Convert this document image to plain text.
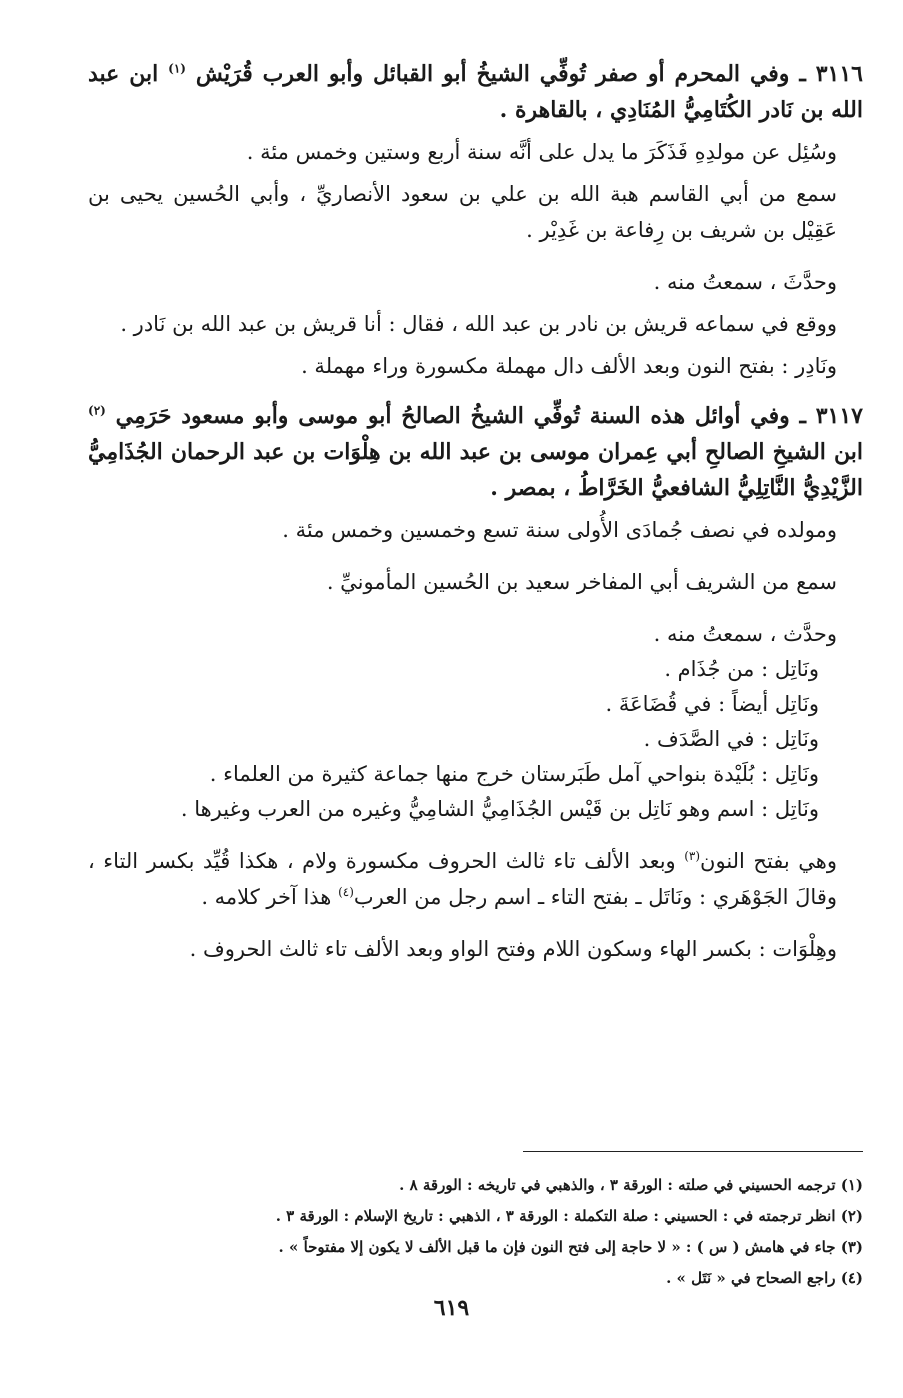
٣١١٦ ـ وفي المحرم أو صفر تُوفِّي الشيخُ أبو القبائل وأبو العرب قُرَيْش $^{(١)}$ ابن عبد الله بن نَادر الكُتَامِيُّ المُنَادِي ، بالقاهرة .
وسُئِل عن مولدِهِ فَذَكَرَ ما يدل على أنَّه سنة أربع وستين وخمس مئة .
سمع من أبي القاسم هبة الله بن علي بن سعود الأنصاريِّ ، وأبي الحُسين يحيى بن عَقِيْل بن شريف بن رِفاعة بن غَدِيْر .
وحدَّثَ ، سمعتُ منه .
ووقع في سماعه قريش بن نادر بن عبد الله ، فقال : أنا قريش بن عبد الله بن نَادر .
ونَادِر : بفتح النون وبعد الألف دال مهملة مكسورة وراء مهملة .
٣١١٧ ـ وفي أوائل هذه السنة تُوفِّي الشيخُ الصالحُ أبو موسى وأبو مسعود حَرَمِي $^{(٢)}$ ابن الشيخِ الصالحِ أبي عِمران موسى بن عبد الله بن هِلْوَات بن عبد الرحمان الجُذَامِيُّ الزَّيْدِيُّ النَّاتِلِيُّ الشافعيُّ الخَرَّاطُ ، بمصر .
ومولده في نصف جُمادَى الأُولى سنة تسع وخمسين وخمس مئة .
سمع من الشريف أبي المفاخر سعيد بن الحُسين المأمونيِّ .
وحدَّث ، سمعتُ منه .
ونَاتِل : من جُذَام .
ونَاتِل أيضاً : في قُضَاعَةَ .
ونَاتِل : في الصَّدَف .
ونَاتِل : بُلَيْدة بنواحي آمل طَبَرستان خرج منها جماعة كثيرة من العلماء .
ونَاتِل : اسم وهو نَاتِل بن قَيْس الجُذَامِيُّ الشامِيُّ وغيره من العرب وغيرها .
وهي بفتح النون$^{(٣)}$ وبعد الألف تاء ثالث الحروف مكسورة ولام ، هكذا قُيِّد بكسر التاء ، وقالَ الجَوْهَري : ونَاتَل ـ بفتح التاء ـ اسم رجل من العرب$^{(٤)}$ هذا آخر كلامه .
وهِلْوَات : بكسر الهاء وسكون اللام وفتح الواو وبعد الألف تاء ثالث الحروف .
(١) ترجمه الحسيني في صلته : الورقة ٣ ، والذهبي في تاريخه : الورقة ٨ .
(٢) انظر ترجمته في : الحسيني : صلة التكملة : الورقة ٣ ، الذهبي : تاريخ الإسلام : الورقة ٣ .
(٣) جاء في هامش ( س ) : « لا حاجة إلى فتح النون فإن ما قبل الألف لا يكون إلا مفتوحاً » .
(٤) راجع الصحاح في « نَتَل » .
٦١٩
